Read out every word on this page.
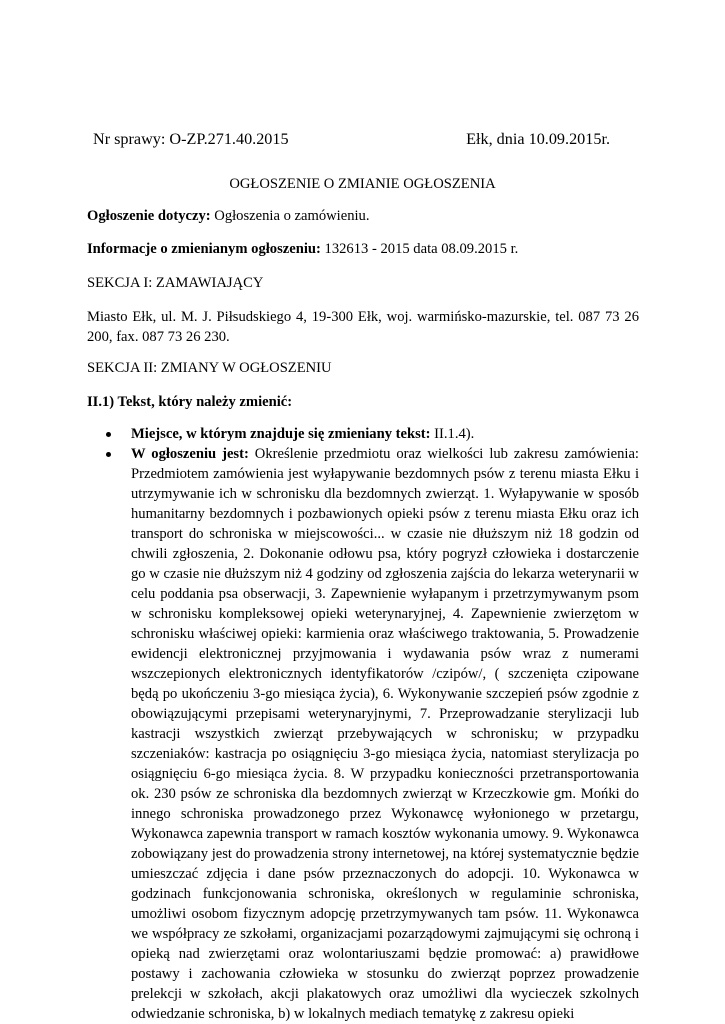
Nr sprawy: O-ZP.271.40.2015	Ełk, dnia 10.09.2015r.
OGŁOSZENIE O ZMIANIE OGŁOSZENIA
Ogłoszenie dotyczy: Ogłoszenia o zamówieniu.
Informacje o zmienianym ogłoszeniu: 132613 - 2015 data 08.09.2015 r.
SEKCJA I: ZAMAWIAJĄCY
Miasto Ełk, ul. M. J. Piłsudskiego 4, 19-300 Ełk, woj. warmińsko-mazurskie, tel. 087 73 26 200, fax. 087 73 26 230.
SEKCJA II: ZMIANY W OGŁOSZENIU
II.1) Tekst, który należy zmienić:
Miejsce, w którym znajduje się zmieniany tekst: II.1.4).
W ogłoszeniu jest: Określenie przedmiotu oraz wielkości lub zakresu zamówienia: Przedmiotem zamówienia jest wyłapywanie bezdomnych psów z terenu miasta Ełku i utrzymywanie ich w schronisku dla bezdomnych zwierząt. 1. Wyłapywanie w sposób humanitarny bezdomnych i pozbawionych opieki psów z terenu miasta Ełku oraz ich transport do schroniska w miejscowości... w czasie nie dłuższym niż 18 godzin od chwili zgłoszenia, 2. Dokonanie odłowu psa, który pogryzł człowieka i dostarczenie go w czasie nie dłuższym niż 4 godziny od zgłoszenia zajścia do lekarza weterynarii w celu poddania psa obserwacji, 3. Zapewnienie wyłapanym i przetrzymywanym psom w schronisku kompleksowej opieki weterynaryjnej, 4. Zapewnienie zwierzętom w schronisku właściwej opieki: karmienia oraz właściwego traktowania, 5. Prowadzenie ewidencji elektronicznej przyjmowania i wydawania psów wraz z numerami wszczepionych elektronicznych identyfikatorów /czipów/, ( szczenięta czipowane będą po ukończeniu 3-go miesiąca życia), 6. Wykonywanie szczepień psów zgodnie z obowiązującymi przepisami weterynaryjnymi, 7. Przeprowadzanie sterylizacji lub kastracji wszystkich zwierząt przebywających w schronisku; w przypadku szczeniaków: kastracja po osiągnięciu 3-go miesiąca życia, natomiast sterylizacja po osiągnięciu 6-go miesiąca życia. 8. W przypadku konieczności przetransportowania ok. 230 psów ze schroniska dla bezdomnych zwierząt w Krzeczkowie gm. Mońki do innego schroniska prowadzonego przez Wykonawcę wyłonionego w przetargu, Wykonawca zapewnia transport w ramach kosztów wykonania umowy. 9. Wykonawca zobowiązany jest do prowadzenia strony internetowej, na której systematycznie będzie umieszczać zdjęcia i dane psów przeznaczonych do adopcji. 10. Wykonawca w godzinach funkcjonowania schroniska, określonych w regulaminie schroniska, umożliwi osobom fizycznym adopcję przetrzymywanych tam psów. 11. Wykonawca we współpracy ze szkołami, organizacjami pozarządowymi zajmującymi się ochroną i opieką nad zwierzętami oraz wolontariuszami będzie promować: a) prawidłowe postawy i zachowania człowieka w stosunku do zwierząt poprzez prowadzenie prelekcji w szkołach, akcji plakatowych oraz umożliwi dla wycieczek szkolnych odwiedzanie schroniska, b) w lokalnych mediach tematykę z zakresu opieki
